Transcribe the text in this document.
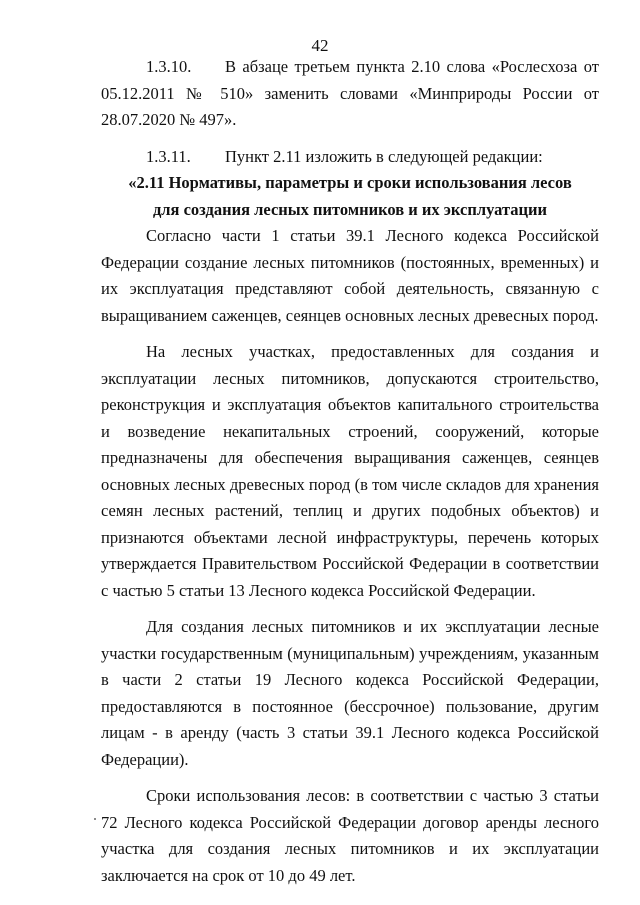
42
1.3.10.	В абзаце третьем пункта 2.10 слова «Рослесхоза от

05.12.2011 № 510» заменить словами «Минприроды России от 28.07.2020 № 497».

1.3.11.	Пункт 2.11 изложить в следующей редакции:

«2.11 Нормативы, параметры и сроки использования лесов

для создания лесных питомников и их эксплуатации

Согласно части 1 статьи 39.1 Лесного кодекса Российской Федерации создание лесных питомников (постоянных, временных) и их эксплуатация представляют собой деятельность, связанную с выращиванием саженцев, сеянцев основных лесных древесных пород.

На лесных участках, предоставленных для создания и эксплуатации лесных питомников, допускаются строительство, реконструкция и эксплуатация объектов капитального строительства и возведение некапитальных строений, сооружений, которые предназначены для обеспечения выращивания саженцев, сеянцев основных лесных древесных пород (в том числе складов для хранения семян лесных растений, теплиц и других подобных объектов) и признаются объектами лесной инфраструктуры, перечень которых утверждается Правительством Российской Федерации в соответствии с частью 5 статьи 13 Лесного кодекса Российской Федерации.

Для создания лесных питомников и их эксплуатации лесные участки государственным (муниципальным) учреждениям, указанным в части 2 статьи 19 Лесного кодекса Российской Федерации, предоставляются в постоянное (бессрочное) пользование, другим лицам - в аренду (часть 3 статьи 39.1 Лесного кодекса Российской Федерации).

Сроки использования лесов: в соответствии с частью 3 статьи 72 Лесного кодекса Российской Федерации договор аренды лесного участка для создания лесных питомников и их эксплуатации заключается на срок от 10 до 49 лет.
